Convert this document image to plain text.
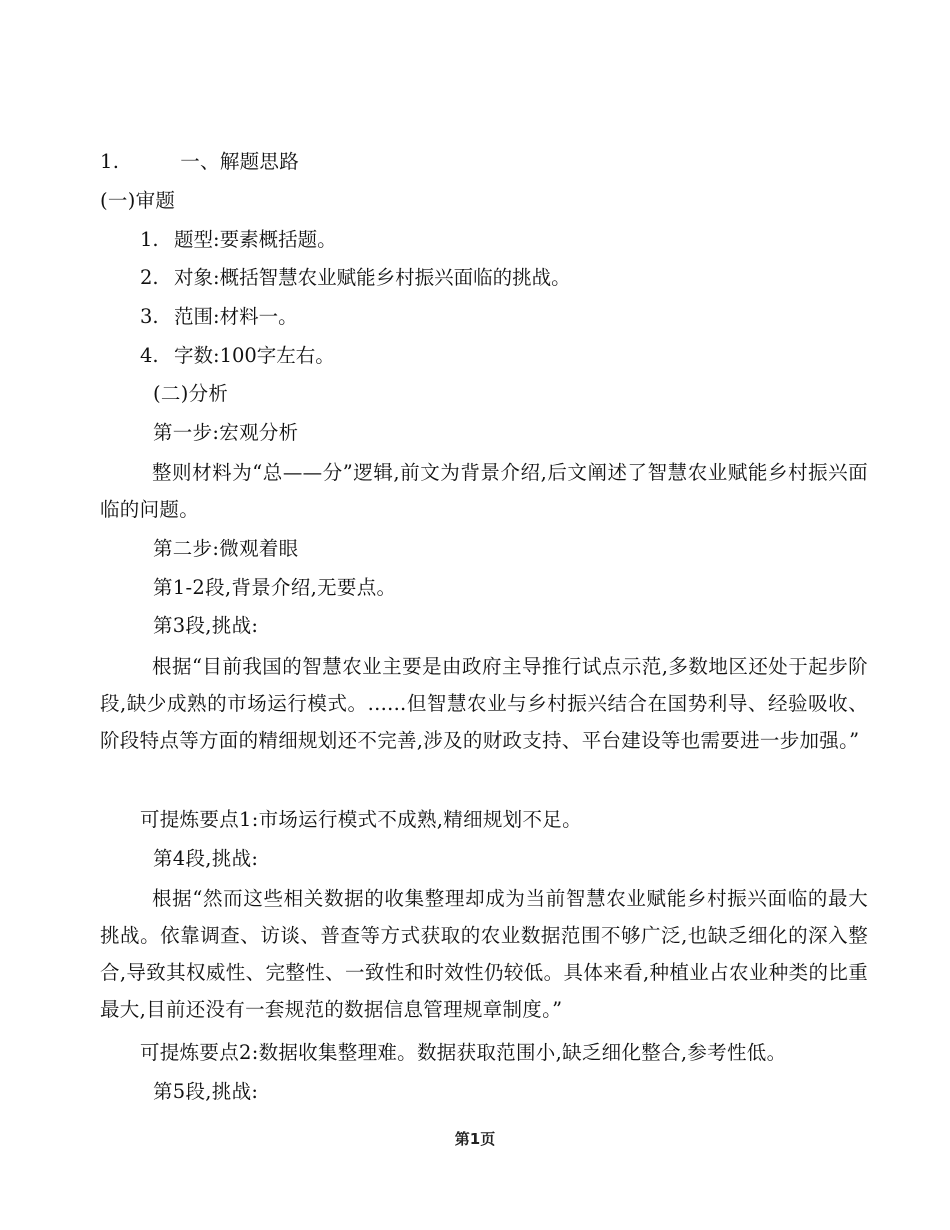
1.	一、解题思路
(一)审题
1. 题型:要素概括题。
2. 对象:概括智慧农业赋能乡村振兴面临的挑战。
3. 范围:材料一。
4. 字数:100字左右。
(二)分析
第一步:宏观分析
整则材料为“总——分”逻辑,前文为背景介绍,后文阐述了智慧农业赋能乡村振兴面临的问题。
第二步:微观着眼
第1-2段,背景介绍,无要点。
第3段,挑战:
根据“目前我国的智慧农业主要是由政府主导推行试点示范,多数地区还处于起步阶段,缺少成熟的市场运行模式。......但智慧农业与乡村振兴结合在国势利导、经验吸收、阶段特点等方面的精细规划还不完善,涉及的财政支持、平台建设等也需要进一步加强。”
可提炼要点1:市场运行模式不成熟,精细规划不足。
第4段,挑战:
根据“然而这些相关数据的收集整理却成为当前智慧农业赋能乡村振兴面临的最大挑战。依靠调查、访谈、普查等方式获取的农业数据范围不够广泛,也缺乏细化的深入整合,导致其权威性、完整性、一致性和时效性仍较低。具体来看,种植业占农业种类的比重最大,目前还没有一套规范的数据信息管理规章制度。”
可提炼要点2:数据收集整理难。数据获取范围小,缺乏细化整合,参考性低。
第5段,挑战:
第1页
